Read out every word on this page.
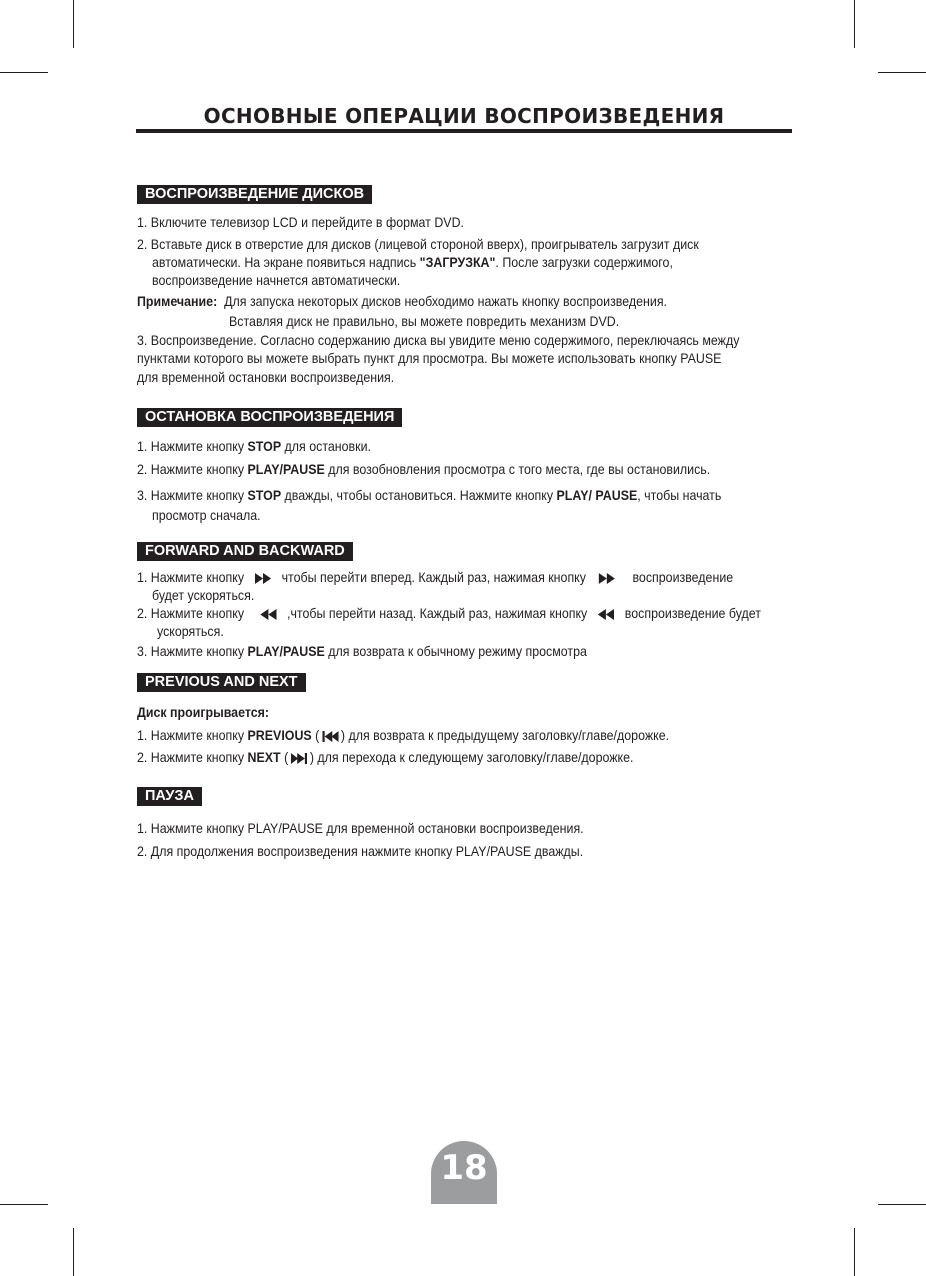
ОСНОВНЫЕ ОПЕРАЦИИ ВОСПРОИЗВЕДЕНИЯ
ВОСПРОИЗВЕДЕНИЕ ДИСКОВ
1. Включите телевизор LCD и перейдите в формат DVD.
2. Вставьте диск в отверстие для дисков (лицевой стороной вверх), проигрыватель загрузит диск
автоматически. На экране появиться надпись "ЗАГРУЗКА". После загрузки содержимого,
воспроизведение начнется автоматически.
Примечание: Для запуска некоторых дисков необходимо нажать кнопку воспроизведения.
Вставляя диск не правильно, вы можете повредить механизм DVD.
3. Воспроизведение. Согласно содержанию диска вы увидите меню содержимого, переключаясь между
пунктами которого вы можете выбрать пункт для просмотра. Вы можете использовать кнопку PAUSE
для временной остановки воспроизведения.
ОСТАНОВКА ВОСПРОИЗВЕДЕНИЯ
1. Нажмите кнопку STOP для остановки.
2. Нажмите кнопку PLAY/PAUSE для возобновления просмотра с того места, где вы остановились.
3. Нажмите кнопку STOP дважды, чтобы остановиться. Нажмите кнопку PLAY/ PAUSE, чтобы начать
просмотр сначала.
FORWARD AND BACKWARD
1. Нажмите кнопку	чтобы перейти вперед. Каждый раз, нажимая кнопку	воспроизведение
будет ускоряться.
2. Нажмите кнопку	,чтобы перейти назад. Каждый раз, нажимая кнопку	воспроизведение будет
ускоряться.
3. Нажмите кнопку PLAY/PAUSE для возврата к обычному режиму просмотра
PREVIOUS AND NEXT
Диск проигрывается:
1. Нажмите кнопку PREVIOUS ( ) для возврата к предыдущему заголовку/главе/дорожке.
2. Нажмите кнопку NEXT ( ) для перехода к следующему заголовку/главе/дорожке.
ПАУЗА
1. Нажмите кнопку PLAY/PAUSE для временной остановки воспроизведения.
2. Для продолжения воспроизведения нажмите кнопку PLAY/PAUSE дважды.
18
